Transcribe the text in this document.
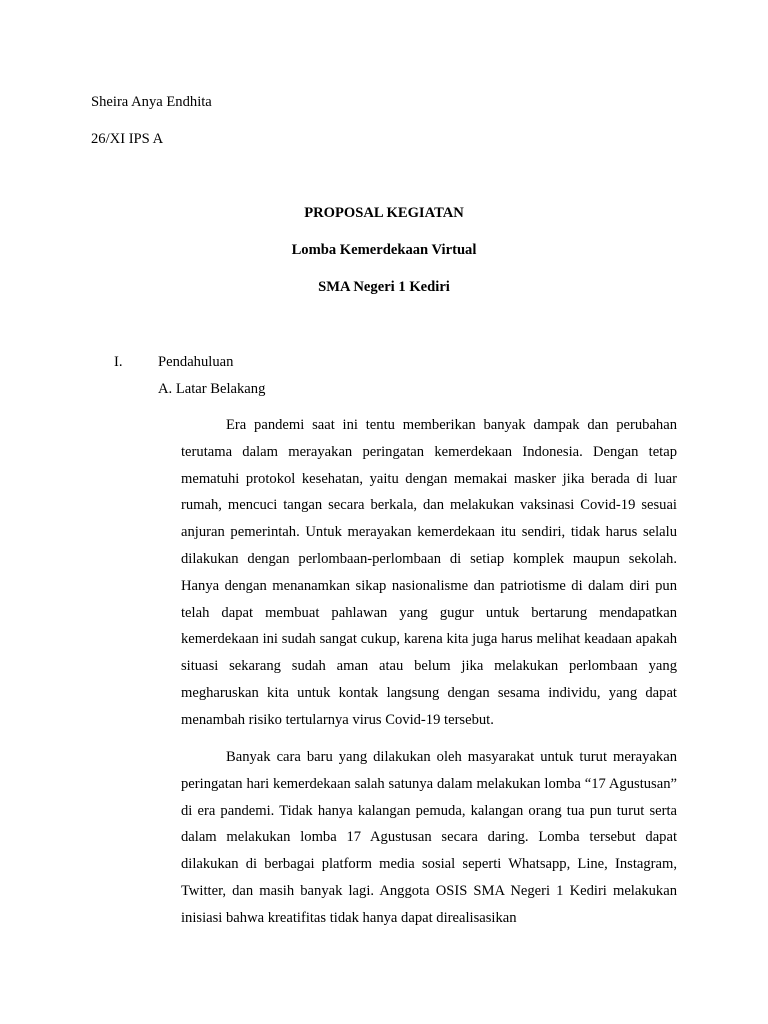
Sheira Anya Endhita

26/XI IPS A

PROPOSAL KEGIATAN

Lomba Kemerdekaan Virtual

SMA Negeri 1 Kediri

I. Pendahuluan
A. Latar Belakang

Era pandemi saat ini tentu memberikan banyak dampak dan perubahan terutama dalam merayakan peringatan kemerdekaan Indonesia. Dengan tetap mematuhi protokol kesehatan, yaitu dengan memakai masker jika berada di luar rumah, mencuci tangan secara berkala, dan melakukan vaksinasi Covid-19 sesuai anjuran pemerintah. Untuk merayakan kemerdekaan itu sendiri, tidak harus selalu dilakukan dengan perlombaan-perlombaan di setiap komplek maupun sekolah. Hanya dengan menanamkan sikap nasionalisme dan patriotisme di dalam diri pun telah dapat membuat pahlawan yang gugur untuk bertarung mendapatkan kemerdekaan ini sudah sangat cukup, karena kita juga harus melihat keadaan apakah situasi sekarang sudah aman atau belum jika melakukan perlombaan yang megharuskan kita untuk kontak langsung dengan sesama individu, yang dapat menambah risiko tertularnya virus Covid-19 tersebut.

Banyak cara baru yang dilakukan oleh masyarakat untuk turut merayakan peringatan hari kemerdekaan salah satunya dalam melakukan lomba “17 Agustusan” di era pandemi. Tidak hanya kalangan pemuda, kalangan orang tua pun turut serta dalam melakukan lomba 17 Agustusan secara daring. Lomba tersebut dapat dilakukan di berbagai platform media sosial seperti Whatsapp, Line, Instagram, Twitter, dan masih banyak lagi. Anggota OSIS SMA Negeri 1 Kediri melakukan inisiasi bahwa kreatifitas tidak hanya dapat direalisasikan
